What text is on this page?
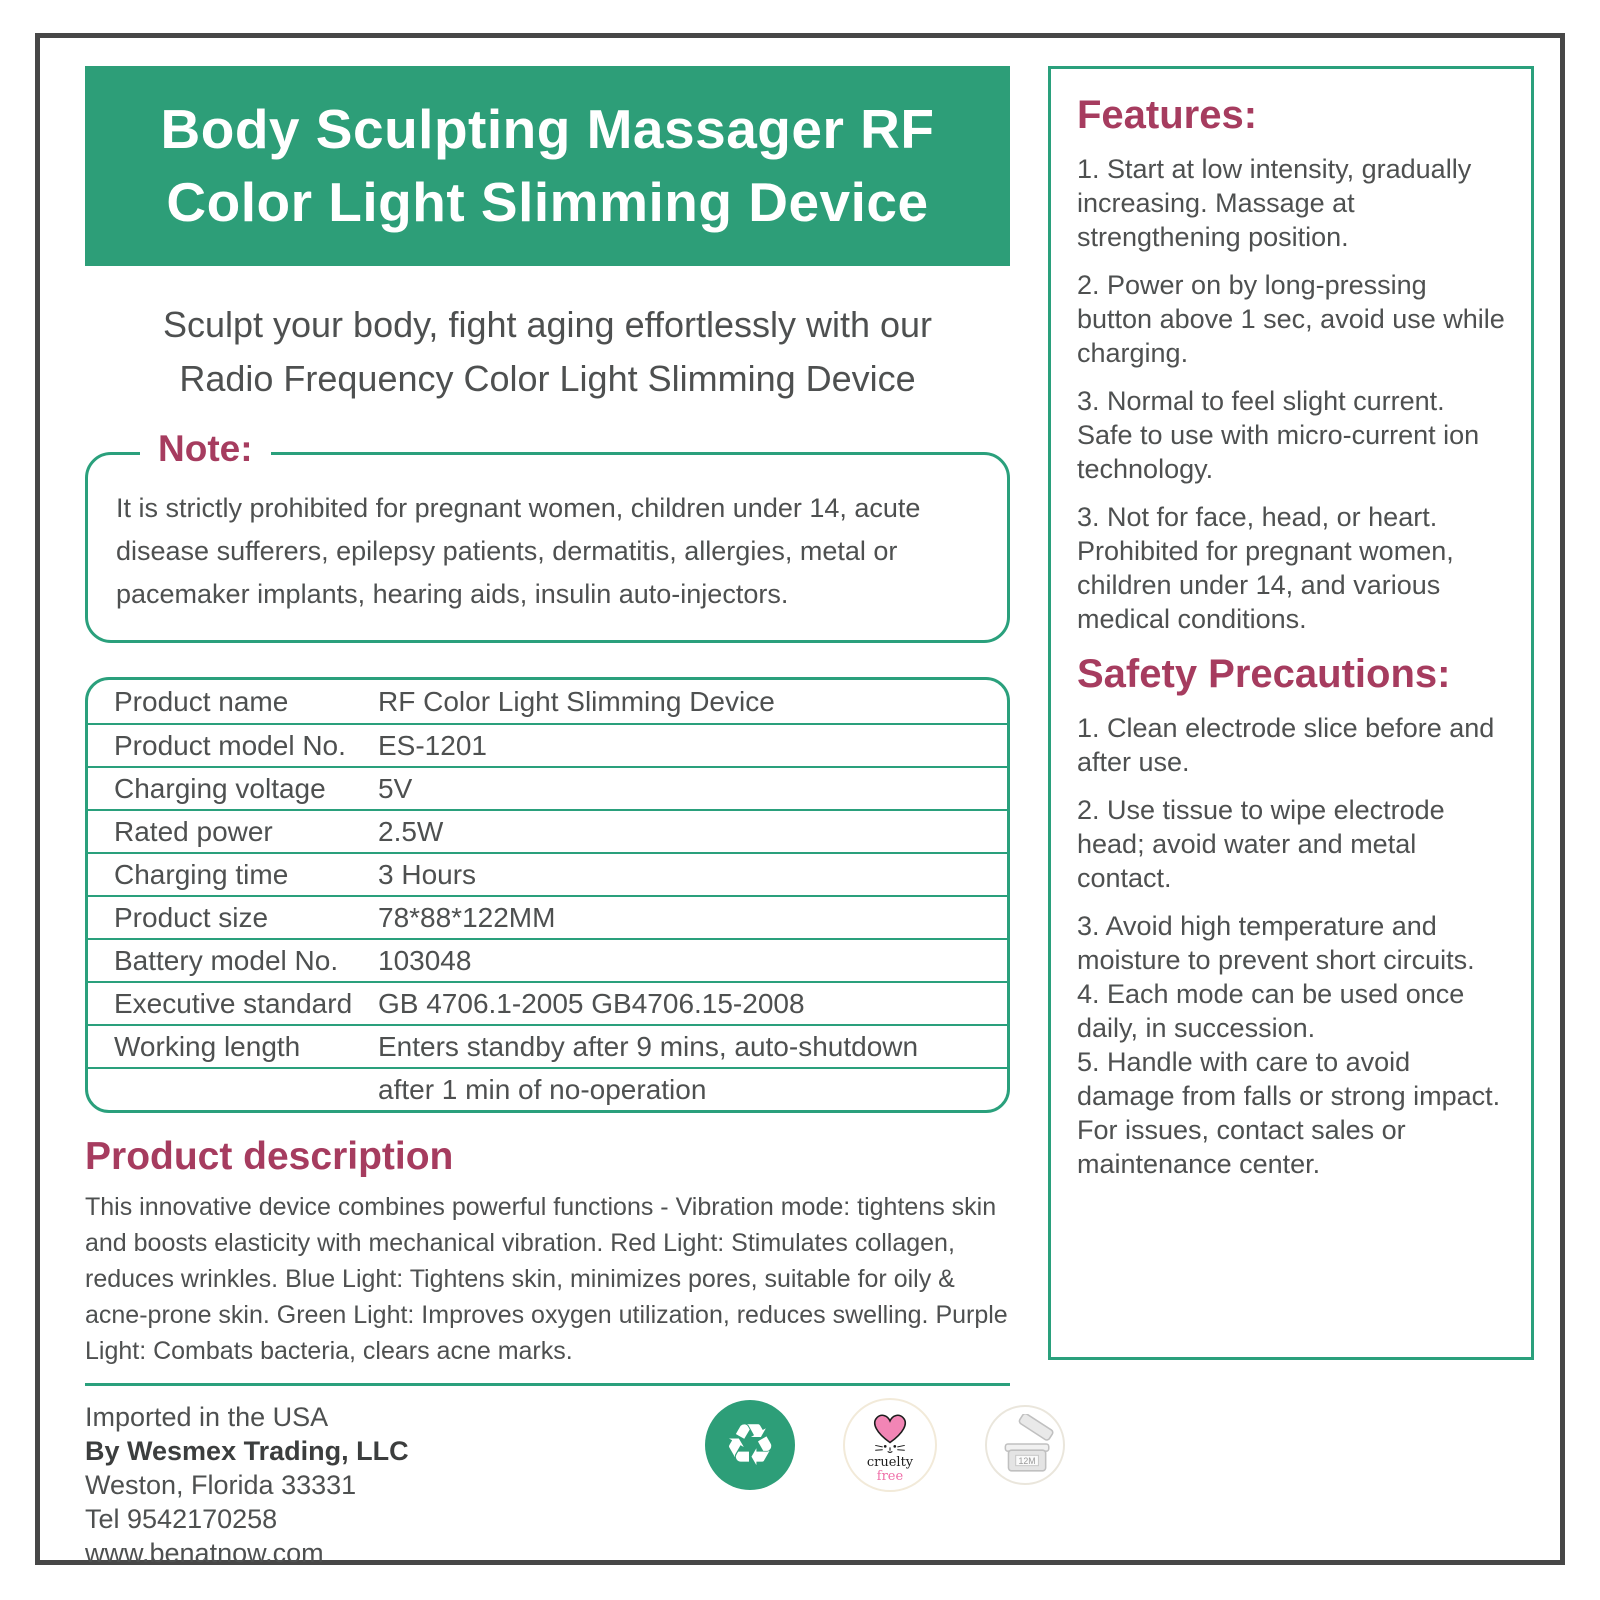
Body Sculpting Massager RF
Color Light Slimming Device
Sculpt your body, fight aging effortlessly with our
Radio Frequency Color Light Slimming Device
Note:

It is strictly prohibited for pregnant women, children under 14, acute disease sufferers, epilepsy patients, dermatitis, allergies, metal or pacemaker implants, hearing aids, insulin auto-injectors.

Product name	RF Color Light Slimming Device
Product model No.	ES-1201
Charging voltage	5V
Rated power	2.5W
Charging time	3 Hours
Product size	78*88*122MM
Battery model No.	103048
Executive standard GB 4706.1-2005 GB4706.15-2008
Working length	Enters standby after 9 mins, auto-shutdown
after 1 min of no-operation
Product description

This innovative device combines powerful functions - Vibration mode: tightens skin and boosts elasticity with mechanical vibration. Red Light: Stimulates collagen, reduces wrinkles. Blue Light: Tightens skin, minimizes pores, suitable for oily & acne-prone skin. Green Light: Improves oxygen utilization, reduces swelling. Purple Light: Combats bacteria, clears acne marks.

Imported in the USA
By Wesmex Trading, LLC
Weston, Florida 33331
Tel 9542170258
www.benatnow.com
♻	cruelty
free
12M
Features:

1. Start at low intensity, gradually increasing. Massage at strengthening position.

2. Power on by long-pressing button above 1 sec, avoid use while charging.

3. Normal to feel slight current. Safe to use with micro-current ion technology.

3. Not for face, head, or heart. Prohibited for pregnant women, children under 14, and various medical conditions.

Safety Precautions:

1. Clean electrode slice before and after use.

2. Use tissue to wipe electrode head; avoid water and metal contact.

3. Avoid high temperature and moisture to prevent short circuits.

4. Each mode can be used once daily, in succession.

5. Handle with care to avoid damage from falls or strong impact. For issues, contact sales or maintenance center.
